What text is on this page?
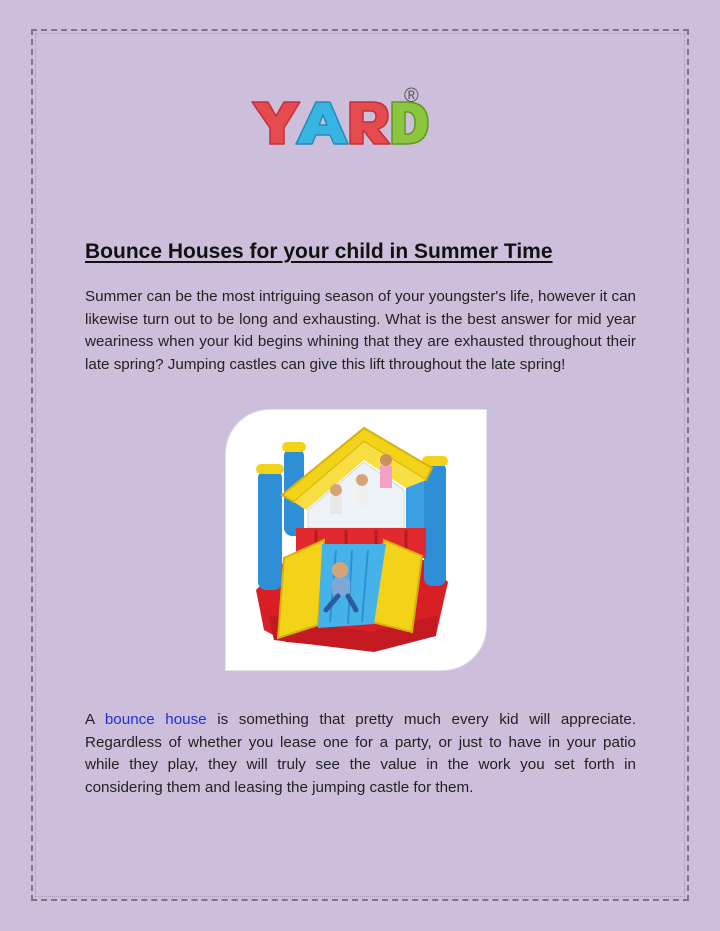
®
Bounce Houses for your child in Summer Time

Summer can be the most intriguing season of your youngster's life, however it can likewise turn out to be long and exhausting. What is the best answer for mid year weariness when your kid begins whining that they are exhausted throughout their late spring? Jumping castles can give this lift throughout the late spring!

A bounce house is something that pretty much every kid will appreciate. Regardless of whether you lease one for a party, or just to have in your patio while they play, they will truly see the value in the work you set forth in considering them and leasing the jumping castle for them.
